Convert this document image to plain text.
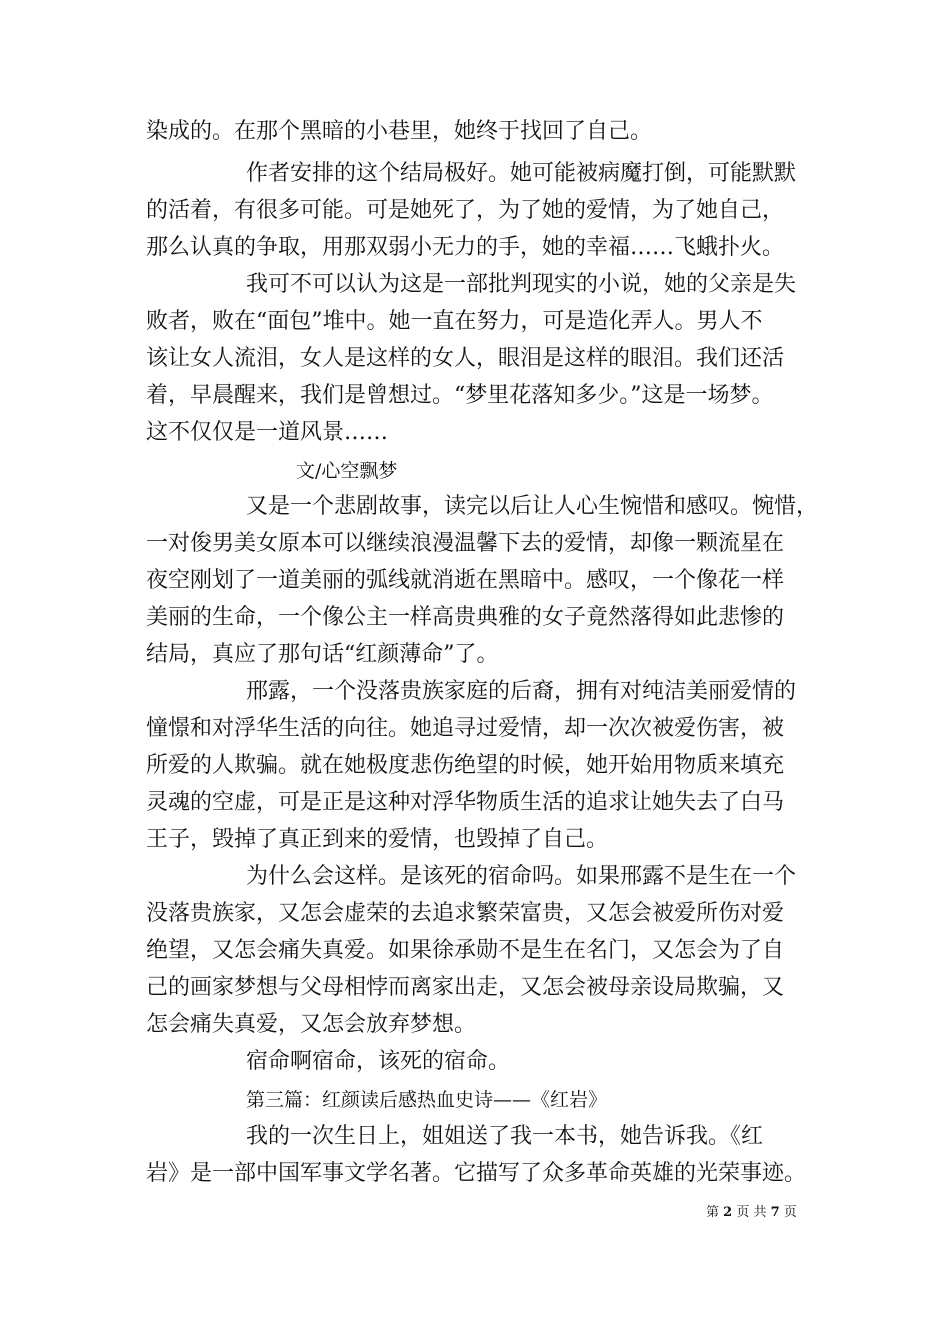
染成的。在那个黑暗的小巷里，她终于找回了自己。
作者安排的这个结局极好。她可能被病魔打倒，可能默默
的活着，有很多可能。可是她死了，为了她的爱情，为了她自己，
那么认真的争取，用那双弱小无力的手，她的幸福……飞蛾扑火。
我可不可以认为这是一部批判现实的小说，她的父亲是失
败者，败在“面包”堆中。她一直在努力，可是造化弄人。男人不
该让女人流泪，女人是这样的女人，眼泪是这样的眼泪。我们还活
着，早晨醒来，我们是曾想过。“梦里花落知多少。”这是一场梦。
这不仅仅是一道风景……
文/心空飘梦
又是一个悲剧故事，读完以后让人心生惋惜和感叹。惋惜，
一对俊男美女原本可以继续浪漫温馨下去的爱情，却像一颗流星在
夜空刚划了一道美丽的弧线就消逝在黑暗中。感叹，一个像花一样
美丽的生命，一个像公主一样高贵典雅的女子竟然落得如此悲惨的
结局，真应了那句话“红颜薄命”了。
邢露，一个没落贵族家庭的后裔，拥有对纯洁美丽爱情的
憧憬和对浮华生活的向往。她追寻过爱情，却一次次被爱伤害，被
所爱的人欺骗。就在她极度悲伤绝望的时候，她开始用物质来填充
灵魂的空虚，可是正是这种对浮华物质生活的追求让她失去了白马
王子，毁掉了真正到来的爱情，也毁掉了自己。
为什么会这样。是该死的宿命吗。如果邢露不是生在一个
没落贵族家，又怎会虚荣的去追求繁荣富贵，又怎会被爱所伤对爱
绝望，又怎会痛失真爱。如果徐承勋不是生在名门，又怎会为了自
己的画家梦想与父母相悖而离家出走，又怎会被母亲设局欺骗，又
怎会痛失真爱，又怎会放弃梦想。
宿命啊宿命，该死的宿命。
第三篇：红颜读后感热血史诗——《红岩》
我的一次生日上，姐姐送了我一本书，她告诉我。《红
岩》是一部中国军事文学名著。它描写了众多革命英雄的光荣事迹。
第 2 页 共 7 页
